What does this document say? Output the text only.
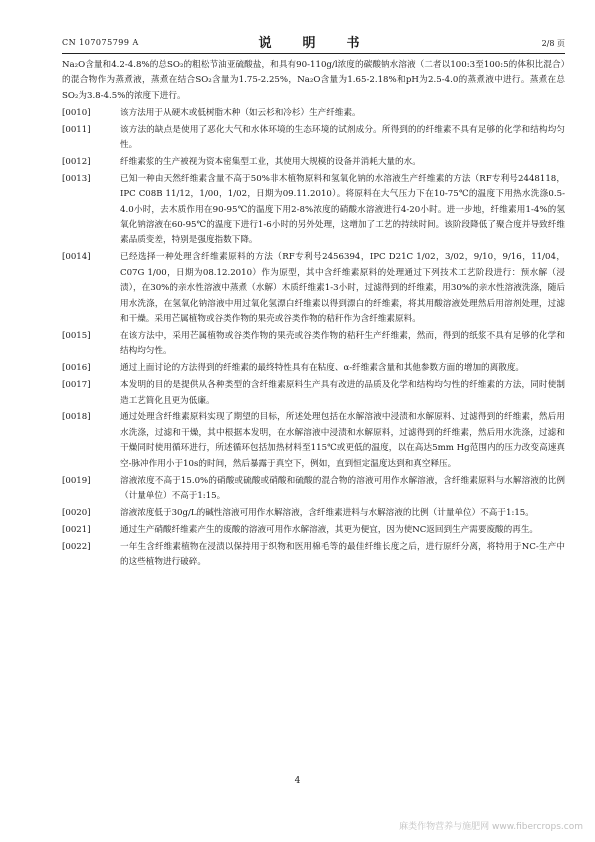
CN 107075799 A	说　明　书	2/8 页

Na₂O含量和4.2-4.8%的总SO₂的粗松节油亚硫酸盐，和具有90-110g/l浓度的碳酸钠水溶液（二者以100:3至100:5的体积比混合）的混合物作为蒸煮液，蒸煮在结合SO₂含量为1.75-2.25%，Na₂O含量为1.65-2.18%和pH为2.5-4.0的蒸煮液中进行。蒸煮在总SO₂为3.8-4.5%的浓度下进行。

[0010]	该方法用于从硬木或低树脂木种（如云杉和冷杉）生产纤维素。

[0011]	该方法的缺点是使用了恶化大气和水体环境的生态环境的试剂成分。所得到的的纤维素不具有足够的化学和结构均匀性。

[0012]	纤维素浆的生产被视为资本密集型工业，其使用大规模的设备并消耗大量的水。

[0013]	已知一种由天然纤维素含量不高于50%非木植物原料和氢氧化钠的水溶液生产纤维素的方法（RF专利号2448118，IPC C08B 11/12，1/00，1/02，日期为09.11.2010）。将原料在大气压力下在10-75℃的温度下用热水洗涤0.5-4.0小时，去木质作用在90-95℃的温度下用2-8%浓度的硝酸水溶液进行4-20小时。进一步地，纤维素用1-4%的氢氧化钠溶液在60-95℃的温度下进行1-6小时的另外处理，这增加了工艺的持续时间。该阶段降低了聚合度并导致纤维素品质变差，特别是强度指数下降。

[0014]	已经选择一种处理含纤维素原料的方法（RF专利号2456394，IPC D21C 1/02，3/02，9/10，9/16，11/04，C07G 1/00，日期为08.12.2010）作为原型，其中含纤维素原料的处理通过下列技术工艺阶段进行：预水解（浸渍），在30%的亲水性溶液中蒸煮（水解）木质纤维素1-3小时，过滤得到的纤维素，用30%的亲水性溶液洗涤，随后用水洗涤，在氢氧化钠溶液中用过氧化氢漂白纤维素以得到漂白的纤维素，将其用酸溶液处理然后用溶剂处理，过滤和干燥。采用芒属植物或谷类作物的果壳或谷类作物的秸秆作为含纤维素原料。

[0015]	在该方法中，采用芒属植物或谷类作物的果壳或谷类作物的秸秆生产纤维素，然而，得到的纸浆不具有足够的化学和结构均匀性。

[0016]	通过上面讨论的方法得到的纤维素的最终特性具有在粘度、α-纤维素含量和其他参数方面的增加的离散度。

[0017]	本发明的目的是提供从各种类型的含纤维素原料生产具有改进的品质及化学和结构均匀性的纤维素的方法，同时使制造工艺简化且更为低廉。

[0018]	通过处理含纤维素原料实现了期望的目标，所述处理包括在水解溶液中浸渍和水解原料、过滤得到的纤维素，然后用水洗涤，过滤和干燥，其中根据本发明，在水解溶液中浸渍和水解原料，过滤得到的纤维素，然后用水洗涤，过滤和干燥同时使用循环进行，所述循环包括加热材料至115℃或更低的温度，以在高达5mm Hg范围内的压力改变高速真空-脉冲作用小于10s的时间，然后暴露于真空下，例如，直到恒定温度达到和真空释压。

[0019]	溶液浓度不高于15.0%的硝酸或硫酸或硝酸和硫酸的混合物的溶液可用作水解溶液，含纤维素原料与水解溶液的比例（计量单位）不高于1:15。

[0020]	溶液浓度低于30g/L的碱性溶液可用作水解溶液，含纤维素进料与水解溶液的比例（计量单位）不高于1:15。

[0021]	通过生产硝酸纤维素产生的废酸的溶液可用作水解溶液，其更为便宜，因为使NC返回到生产需要废酸的再生。

[0022]	一年生含纤维素植物在浸渍以保持用于织物和医用棉毛等的最佳纤维长度之后，进行原纤分离，将特用于NC-生产中的这些植物进行破碎。

4
麻类作物营养与施肥网 www.fibercrops.com
